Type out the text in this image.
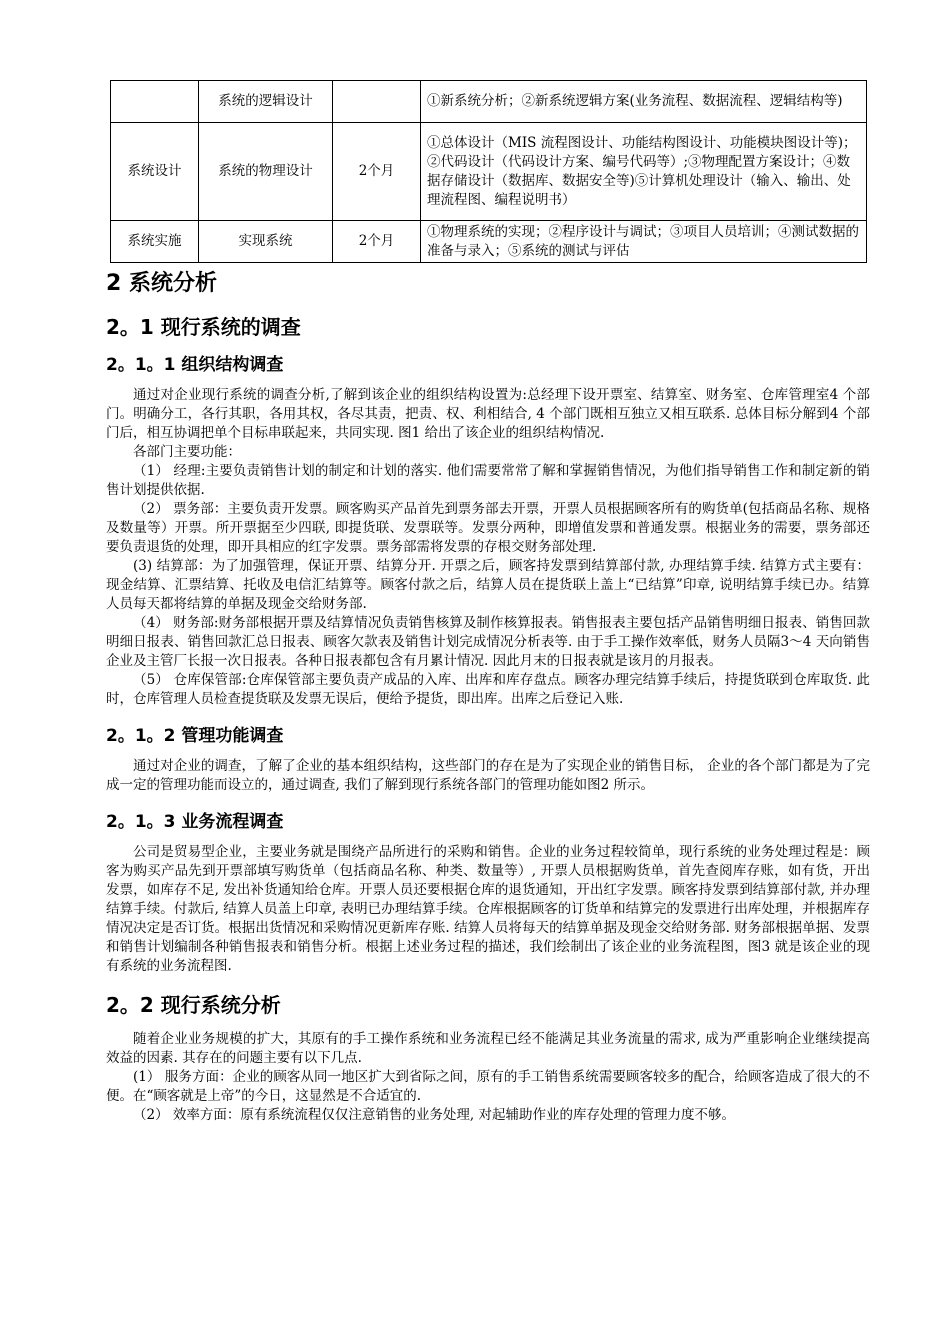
	系统的逻辑设计		①新系统分析；②新系统逻辑方案(业务流程、数据流程、逻辑结构等)
系统设计	系统的物理设计	2个月	①总体设计（MIS 流程图设计、功能结构图设计、功能模块图设计等)；②代码设计（代码设计方案、编号代码等）;③物理配置方案设计；④数据存储设计（数据库、数据安全等)⑤计算机处理设计（输入、输出、处理流程图、编程说明书）
系统实施	实现系统	2个月	①物理系统的实现；②程序设计与调试；③项目人员培训；④测试数据的准备与录入；⑤系统的测试与评估
2 系统分析
2。1 现行系统的调查
2。1。1 组织结构调查

通过对企业现行系统的调查分析,了解到该企业的组织结构设置为:总经理下设开票室、结算室、财务室、仓库管理室4 个部门。明确分工，各行其职，各用其权，各尽其责，把责、权、利相结合, 4 个部门既相互独立又相互联系. 总体目标分解到4 个部门后，相互协调把单个目标串联起来，共同实现. 图1 给出了该企业的组织结构情况.

各部门主要功能：

（1） 经理:主要负责销售计划的制定和计划的落实. 他们需要常常了解和掌握销售情况，为他们指导销售工作和制定新的销售计划提供依据.

（2） 票务部：主要负责开发票。顾客购买产品首先到票务部去开票，开票人员根据顾客所有的购货单(包括商品名称、规格及数量等）开票。所开票据至少四联, 即提货联、发票联等。发票分两种，即增值发票和普通发票。根据业务的需要，票务部还要负责退货的处理，即开具相应的红字发票。票务部需将发票的存根交财务部处理.

(3) 结算部：为了加强管理，保证开票、结算分开. 开票之后，顾客持发票到结算部付款, 办理结算手续. 结算方式主要有：现金结算、汇票结算、托收及电信汇结算等。顾客付款之后，结算人员在提货联上盖上“已结算”印章, 说明结算手续已办。结算人员每天都将结算的单据及现金交给财务部.

（4） 财务部:财务部根据开票及结算情况负责销售核算及制作核算报表。销售报表主要包括产品销售明细日报表、销售回款明细日报表、销售回款汇总日报表、顾客欠款表及销售计划完成情况分析表等. 由于手工操作效率低，财务人员隔3～4 天向销售企业及主管厂长报一次日报表。各种日报表都包含有月累计情况. 因此月末的日报表就是该月的月报表。

（5） 仓库保管部:仓库保管部主要负责产成品的入库、出库和库存盘点。顾客办理完结算手续后，持提货联到仓库取货. 此时，仓库管理人员检查提货联及发票无误后，便给予提货，即出库。出库之后登记入账.

2。1。2 管理功能调查

通过对企业的调查，了解了企业的基本组织结构，这些部门的存在是为了实现企业的销售目标， 企业的各个部门都是为了完成一定的管理功能而设立的，通过调查, 我们了解到现行系统各部门的管理功能如图2 所示。

2。1。3 业务流程调查

公司是贸易型企业，主要业务就是围绕产品所进行的采购和销售。企业的业务过程较简单，现行系统的业务处理过程是：顾客为购买产品先到开票部填写购货单（包括商品名称、种类、数量等）, 开票人员根据购货单，首先查阅库存账，如有货，开出发票，如库存不足, 发出补货通知给仓库。开票人员还要根据仓库的退货通知，开出红字发票。顾客持发票到结算部付款, 并办理结算手续。付款后, 结算人员盖上印章, 表明已办理结算手续。仓库根据顾客的订货单和结算完的发票进行出库处理，并根据库存情况决定是否订货。根据出货情况和采购情况更新库存账. 结算人员将每天的结算单据及现金交给财务部. 财务部根据单据、发票和销售计划编制各种销售报表和销售分析。根据上述业务过程的描述，我们绘制出了该企业的业务流程图，图3 就是该企业的现有系统的业务流程图.

2。2 现行系统分析

随着企业业务规模的扩大，其原有的手工操作系统和业务流程已经不能满足其业务流量的需求, 成为严重影响企业继续提高效益的因素. 其存在的问题主要有以下几点.

(1） 服务方面：企业的顾客从同一地区扩大到省际之间，原有的手工销售系统需要顾客较多的配合，给顾客造成了很大的不便。在“顾客就是上帝”的今日，这显然是不合适宜的.

（2） 效率方面：原有系统流程仅仅注意销售的业务处理, 对起辅助作业的库存处理的管理力度不够。
